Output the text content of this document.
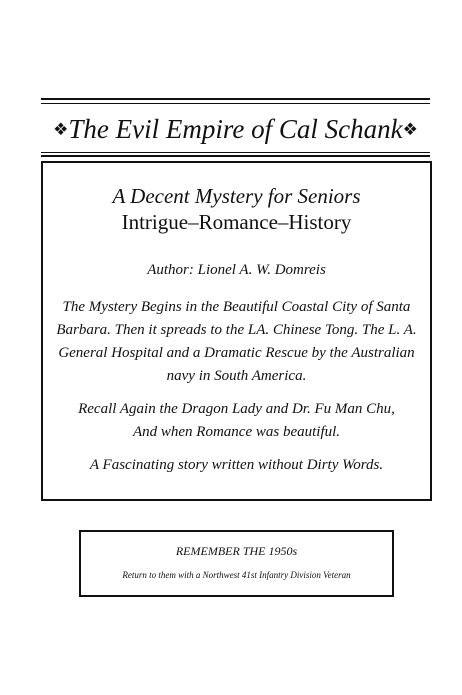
❖The Evil Empire of Cal Schank❖
A Decent Mystery for Seniors
Intrigue–Romance–History
Author: Lionel A. W. Domreis
The Mystery Begins in the Beautiful Coastal City of Santa
Barbara. Then it spreads to the LA. Chinese Tong. The L. A.
General Hospital and a Dramatic Rescue by the Australian
navy in South America.
Recall Again the Dragon Lady and Dr. Fu Man Chu,
And when Romance was beautiful.
A Fascinating story written without Dirty Words.
REMEMBER THE 1950s
Return to them with a Northwest 41st Infantry Division Veteran
